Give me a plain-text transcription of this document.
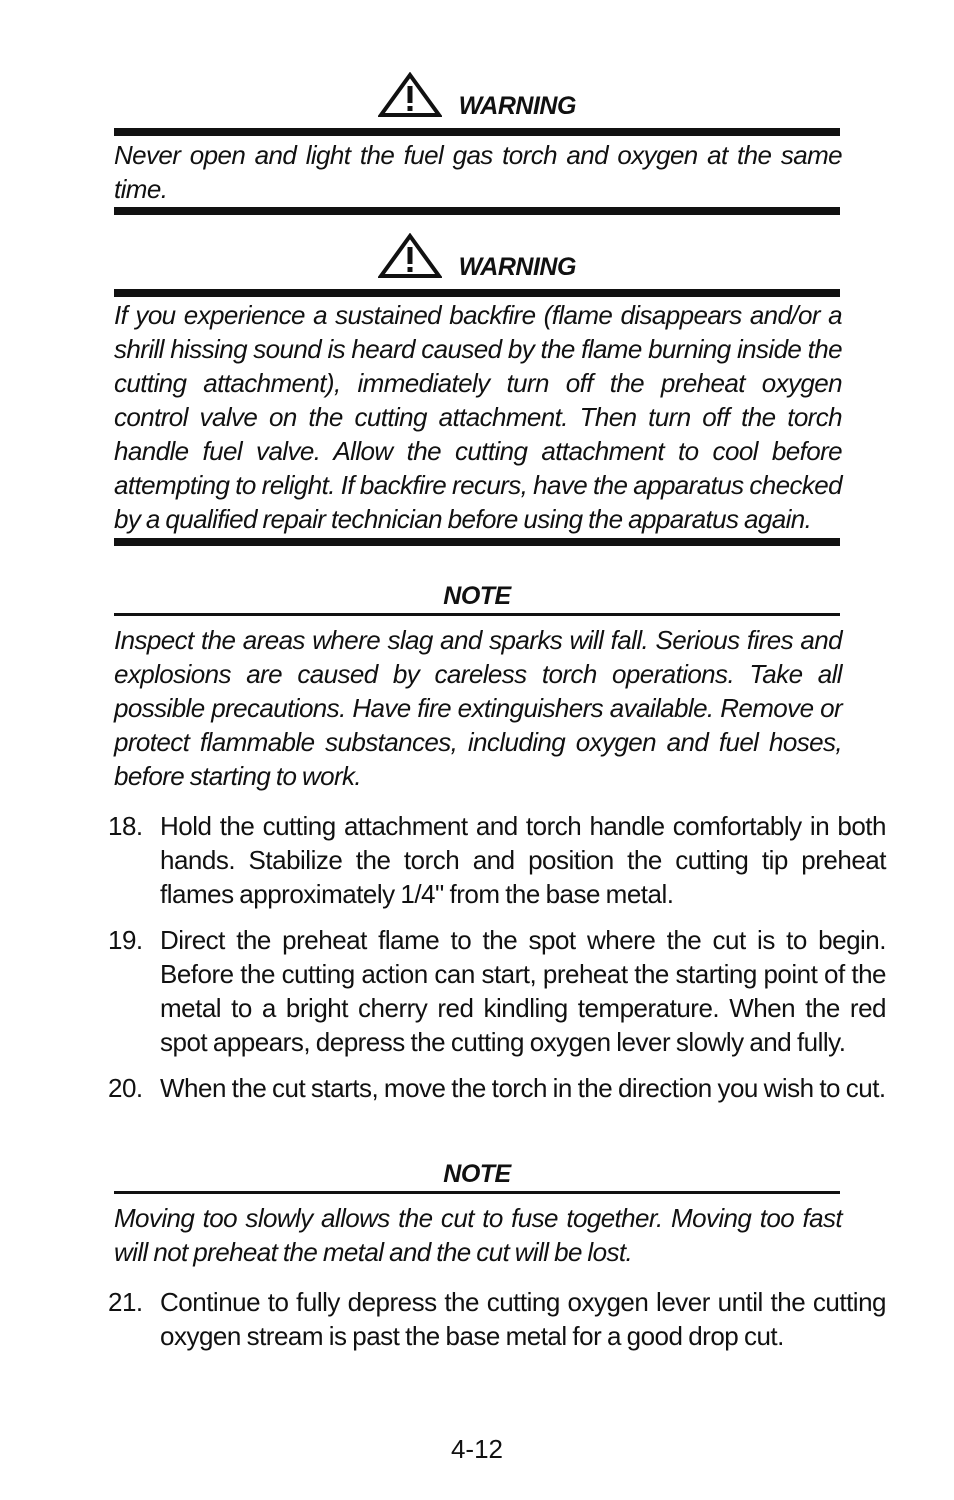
WARNING
Never open and light the fuel gas torch and oxygen at the same time.
WARNING
If you experience a sustained backfire (flame disappears and/or a shrill hissing sound is heard caused by the flame burning inside the cutting attachment), immediately turn off the preheat oxygen control valve on the cutting attachment. Then turn off the torch handle fuel valve. Allow the cutting attachment to cool before attempting to relight. If backfire recurs, have the apparatus checked by a qualified repair technician before using the apparatus again.
NOTE
Inspect the areas where slag and sparks will fall. Serious fires and explosions are caused by careless torch operations. Take all possible precautions. Have fire extinguishers available. Remove or protect flammable substances, including oxygen and fuel hoses, before starting to work.
18. Hold the cutting attachment and torch handle comfortably in both hands. Stabilize the torch and position the cutting tip preheat flames approximately 1/4" from the base metal.
19. Direct the preheat flame to the spot where the cut is to begin. Before the cutting action can start, preheat the starting point of the metal to a bright cherry red kindling temperature. When the red spot appears, depress the cutting oxygen lever slowly and fully.
20. When the cut starts, move the torch in the direction you wish to cut.
NOTE
Moving too slowly allows the cut to fuse together. Moving too fast will not preheat the metal and the cut will be lost.
21. Continue to fully depress the cutting oxygen lever until the cutting oxygen stream is past the base metal for a good drop cut.
4-12
